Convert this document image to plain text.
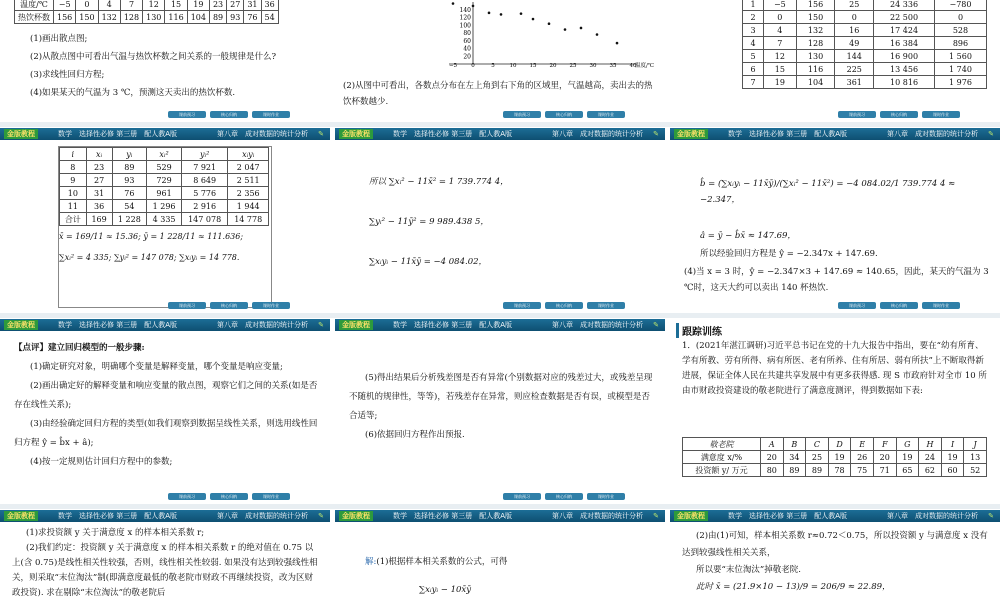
温度/℃	−5	0	4	7	12	15	19	23	27	31	36
热饮杯数	156	150	132	128	130	116	104	89	93	76	54
(1)画出散点图;
(2)从散点图中可看出气温与热饮杯数之间关系的一般规律是什么?
(3)求线性回归方程;
(4)如果某天的气温为 3 ℃，预测这天卖出的热饮杯数.
课前预习	核心归纳	课时作业
20
40
60
80
100
120
140
−5	0	5	10 15 20 25 30 35 40
温度/℃
(2)从图中可看出，各数点分布在左上角到右下角的区域里，气温越高，卖出去的热饮杯数越少.
课前预习	核心归纳	课时作业
1	−5	156	25	24 336	−780
2	0	150	0	22 500	0
3	4	132	16	17 424	528
4	7	128	49	16 384	896
5	12	130	144	16 900	1 560
6	15	116	225	13 456	1 740
7	19	104	361	10 816	1 976
课前预习	核心归纳	课时作业
金版教程	数学　选择性必修 第三册　配人教A版	第八章　成对数据的统计分析 ✎
i	xᵢ	yᵢ	xᵢ²	yᵢ²	xᵢyᵢ
8	23	89	529	7 921	2 047
9	27	93	729	8 649	2 511
10	31	76	961	5 776	2 356
11	36	54	1 296	2 916	1 944
合计	169	1 228	4 335	147 078	14 778
x̄ = 169/11 ≈ 15.36; ȳ = 1 228/11 ≈ 111.636;
∑xᵢ² = 4 335; ∑yᵢ² = 147 078; ∑xᵢyᵢ = 14 778.
课前预习	核心归纳	课时作业
金版教程	数学　选择性必修 第三册　配人教A版	第八章　成对数据的统计分析 ✎
所以 ∑xᵢ² − 11x̄² = 1 739.774 4，
∑yᵢ² − 11ȳ² = 9 989.438 5，
∑xᵢyᵢ − 11x̄ȳ = −4 084.02，
课前预习	核心归纳	课时作业
金版教程	数学　选择性必修 第三册　配人教A版	第八章　成对数据的统计分析 ✎
b̂ = (∑xᵢyᵢ − 11x̄ȳ)/(∑xᵢ² − 11x̄²) = −4 084.02/1 739.774 4 ≈ −2.347，
â = ȳ − b̂x̄ ≈ 147.69，
所以经验回归方程是 ŷ = −2.347x + 147.69.
(4)当 x = 3 时，ŷ = −2.347×3 + 147.69 ≈ 140.65，因此，某天的气温为 3 ℃时，这天大约可以卖出 140 杯热饮.
课前预习	核心归纳	课时作业
金版教程	数学　选择性必修 第三册　配人教A版	第八章　成对数据的统计分析 ✎
【点评】建立回归模型的一般步骤:
(1)确定研究对象，明确哪个变量是解释变量，哪个变量是响应变量;
(2)画出确定好的解释变量和响应变量的散点图，观察它们之间的关系(如是否存在线性关系);
(3)由经验确定回归方程的类型(如我们观察到数据呈线性关系，则选用线性回归方程 ŷ = b̂x + â);
(4)按一定规则估计回归方程中的参数;
课前预习	核心归纳	课时作业
金版教程	数学　选择性必修 第三册　配人教A版	第八章　成对数据的统计分析 ✎
(5)得出结果后分析残差图是否有异常(个别数据对应的残差过大，或残差呈现不随机的规律性，等等)，若残差存在异常，则应检查数据是否有误，或模型是否合适等;
(6)依据回归方程作出预报.
课前预习	核心归纳	课时作业
跟踪训练
1．(2021年湛江调研)习近平总书记在党的十九大报告中指出，要在“幼有所育、学有所教、劳有所得、病有所医、老有所养、住有所居、弱有所扶”上不断取得新进展，保证全体人民在共建共享发展中有更多获得感. 现 S 市政府针对全市 10 所由市财政投资建设的敬老院进行了满意度测评，得到数据如下表:
敬老院	A	B	C	D	E	F	G	H	I	J
满意度 x/%	20	34	25	19	26	20	19	24	19	13
投资额 y/ 万元	80	89	89	78	75	71	65	62	60	52
金版教程	数学　选择性必修 第三册　配人教A版	第八章　成对数据的统计分析 ✎
(1)求投资额 y 关于满意度 x 的样本相关系数 r;
(2)我们约定：投资额 y 关于满意度 x 的样本相关系数 r 的绝对值在 0.75 以上(含 0.75)是线性相关性较强，否则，线性相关性较弱. 如果没有达到较强线性相关，则采取“末位淘汰”制(即满意度最低的敬老院市财政不再继续投资，改为区财政投资). 求在剔除“末位淘汰”的敬老院后
金版教程	数学　选择性必修 第三册　配人教A版	第八章　成对数据的统计分析 ✎
解:(1)根据样本相关系数的公式，可得
∑xᵢyᵢ − 10x̄ȳ
金版教程	数学　选择性必修 第三册　配人教A版	第八章　成对数据的统计分析 ✎
(2)由(1)可知，样本相关系数 r≈0.72＜0.75，所以投资额 y 与满意度 x 没有达到较强线性相关关系，
所以要“末位淘汰”掉敬老院.
此时 x̄ = (21.9×10 − 13)/9 = 206/9 ≈ 22.89，
